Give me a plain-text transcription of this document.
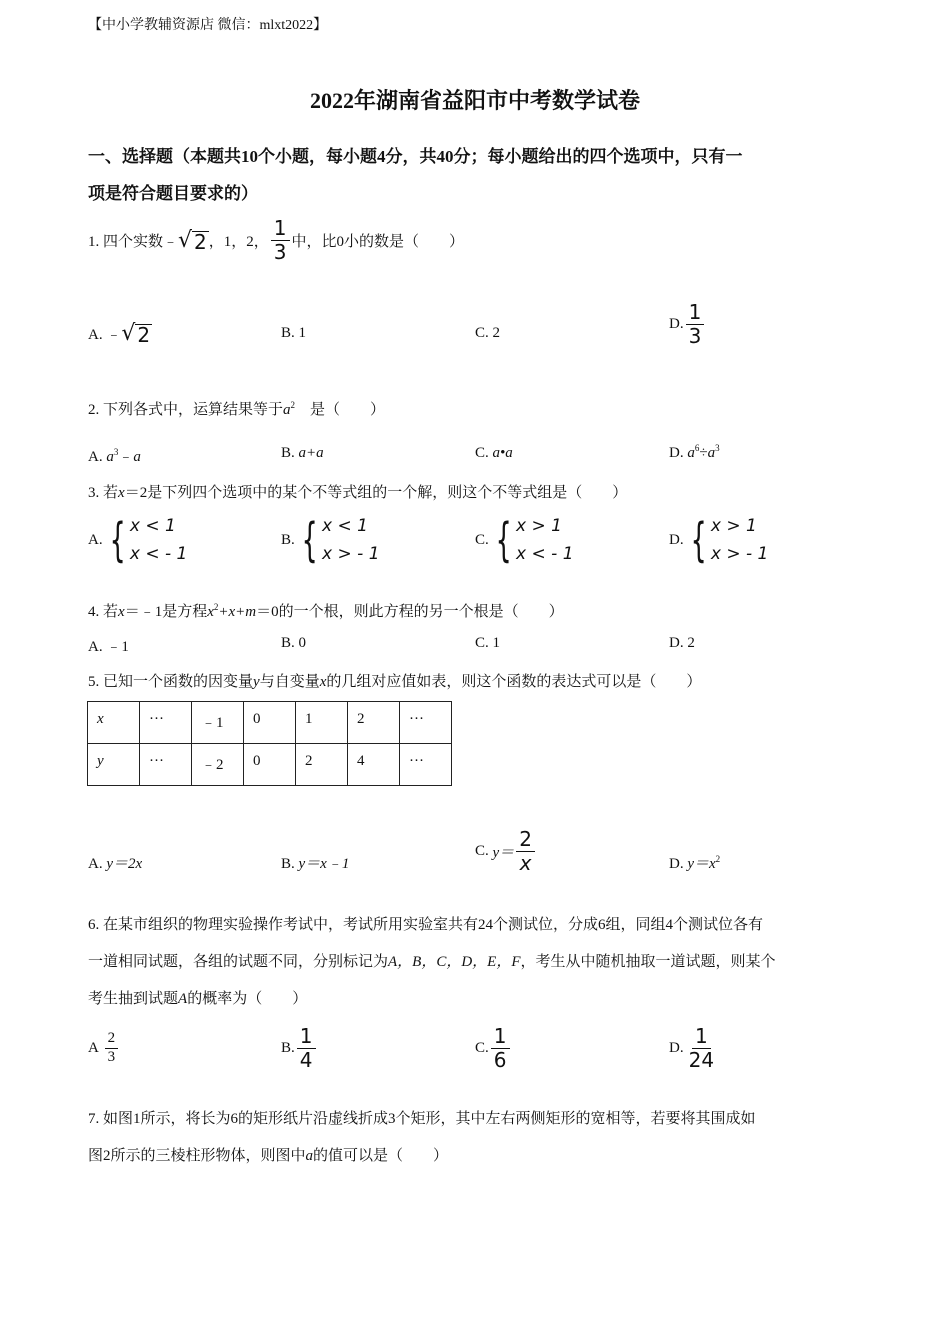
【中小学教辅资源店 微信：mlxt2022】
2022年湖南省益阳市中考数学试卷
一、选择题（本题共10个小题，每小题4分，共40分；每小题给出的四个选项中，只有一
项是符合题目要求的）
1. 四个实数﹣ √ 2 ，1，2， $\frac{1}{3}$ 中，比0小的数是（　　）
A. ﹣ √ 2	B. 1	C. 2
D. $\frac{1}{3}$
2. 下列各式中，运算结果等于$a^2$　是（　　）
A. $a^3﹣a$	B. a+a	C. a•a	D. $a^6\div a^3$
3. 若x＝2是下列四个选项中的某个不等式组的一个解，则这个不等式组是（　　）
A. { x < 1
x < ‑ 1
B. { x < 1
x > ‑ 1
C. { x > 1
x < ‑ 1
D. { x > 1
x > ‑ 1
4. 若x＝﹣1是方程$x^2+x+m=0$的一个根，则此方程的另一个根是（　　）
A. ﹣1	B. 0	C. 1	D. 2
5. 已知一个函数的因变量y与自变量x的几组对应值如表，则这个函数的表达式可以是（　　）
x	···	﹣1	0	1	2	···
y	···	﹣2	0	2	4	···
A. y＝2x	B. y＝x﹣1
C.
$y= \frac{2}{x}$	D. $y=x^2$
6. 在某市组织的物理实验操作考试中，考试所用实验室共有24个测试位，分成6组，同组4个测试位各有
一道相同试题，各组的试题不同，分别标记为A，B，C，D，E，F，考生从中随机抽取一道试题，则某个
考生抽到试题A的概率为（　　）
A
$\frac{2}{3}$	B. $\frac{1}{4}$	C. $\frac{1}{6}$	D. $\frac{1}{24}$
7. 如图1所示，将长为6的矩形纸片沿虚线折成3个矩形，其中左右两侧矩形的宽相等，若要将其围成如
图2所示的三棱柱形物体，则图中a的值可以是（　　）
